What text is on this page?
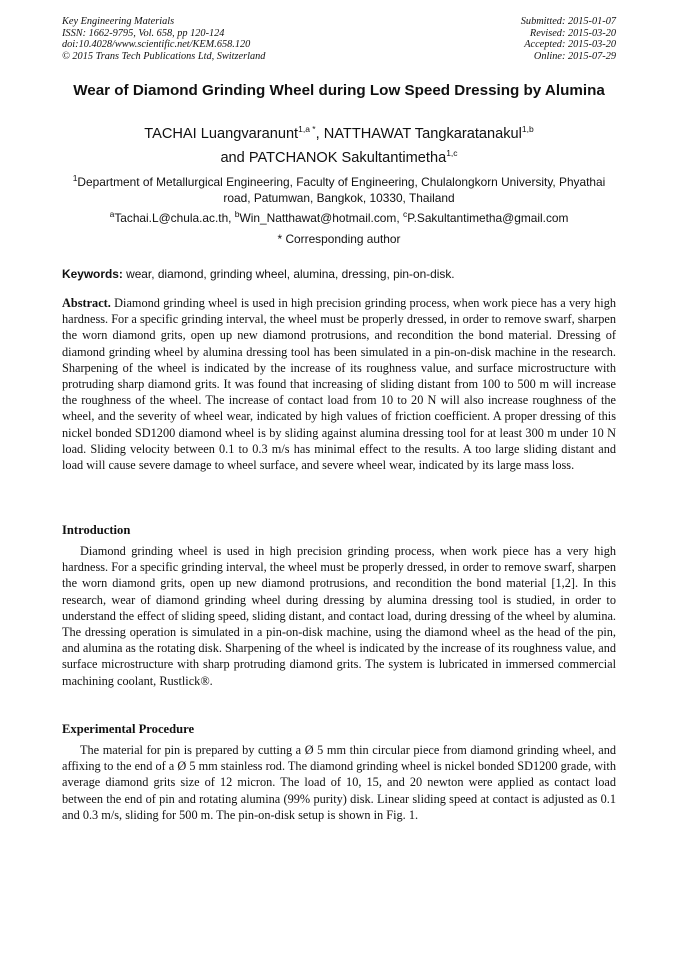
Key Engineering Materials
ISSN: 1662-9795, Vol. 658, pp 120-124
doi:10.4028/www.scientific.net/KEM.658.120
© 2015 Trans Tech Publications Ltd, Switzerland
Submitted: 2015-01-07
Revised: 2015-03-20
Accepted: 2015-03-20
Online: 2015-07-29
Wear of Diamond Grinding Wheel during Low Speed Dressing by Alumina
TACHAI Luangvaranunt$^{1,a *}$, NATTHAWAT Tangkaratanakul$^{1,b}$
and PATCHANOK Sakultantimetha$^{1,c}$
$^1$Department of Metallurgical Engineering, Faculty of Engineering, Chulalongkorn University, Phyathai road, Patumwan, Bangkok, 10330, Thailand
$^a$Tachai.L@chula.ac.th, $^b$Win_Natthawat@hotmail.com, $^c$P.Sakultantimetha@gmail.com
* Corresponding author
Keywords: wear, diamond, grinding wheel, alumina, dressing, pin-on-disk.
Abstract. Diamond grinding wheel is used in high precision grinding process, when work piece has a very high hardness. For a specific grinding interval, the wheel must be properly dressed, in order to remove swarf, sharpen the worn diamond grits, open up new diamond protrusions, and recondition the bond material. Dressing of diamond grinding wheel by alumina dressing tool has been simulated in a pin-on-disk machine in the research. Sharpening of the wheel is indicated by the increase of its roughness value, and surface microstructure with protruding sharp diamond grits. It was found that increasing of sliding distant from 100 to 500 m will increase the roughness of the wheel. The increase of contact load from 10 to 20 N will also increase roughness of the wheel, and the severity of wheel wear, indicated by high values of friction coefficient. A proper dressing of this nickel bonded SD1200 diamond wheel is by sliding against alumina dressing tool for at least 300 m under 10 N load. Sliding velocity between 0.1 to 0.3 m/s has minimal effect to the results. A too large sliding distant and load will cause severe damage to wheel surface, and severe wheel wear, indicated by its large mass loss.
Introduction
Diamond grinding wheel is used in high precision grinding process, when work piece has a very high hardness. For a specific grinding interval, the wheel must be properly dressed, in order to remove swarf, sharpen the worn diamond grits, open up new diamond protrusions, and recondition the bond material [1,2]. In this research, wear of diamond grinding wheel during dressing by alumina dressing tool is studied, in order to understand the effect of sliding speed, sliding distant, and contact load, during dressing of the wheel by alumina. The dressing operation is simulated in a pin-on-disk machine, using the diamond wheel as the head of the pin, and alumina as the rotating disk. Sharpening of the wheel is indicated by the increase of its roughness value, and surface microstructure with sharp protruding diamond grits. The system is lubricated in immersed commercial machining coolant, Rustlick®.
Experimental Procedure
The material for pin is prepared by cutting a Ø 5 mm thin circular piece from diamond grinding wheel, and affixing to the end of a Ø 5 mm stainless rod. The diamond grinding wheel is nickel bonded SD1200 grade, with average diamond grits size of 12 micron. The load of 10, 15, and 20 newton were applied as contact load between the end of pin and rotating alumina (99% purity) disk. Linear sliding speed at contact is adjusted as 0.1 and 0.3 m/s, sliding for 500 m. The pin-on-disk setup is shown in Fig. 1.
